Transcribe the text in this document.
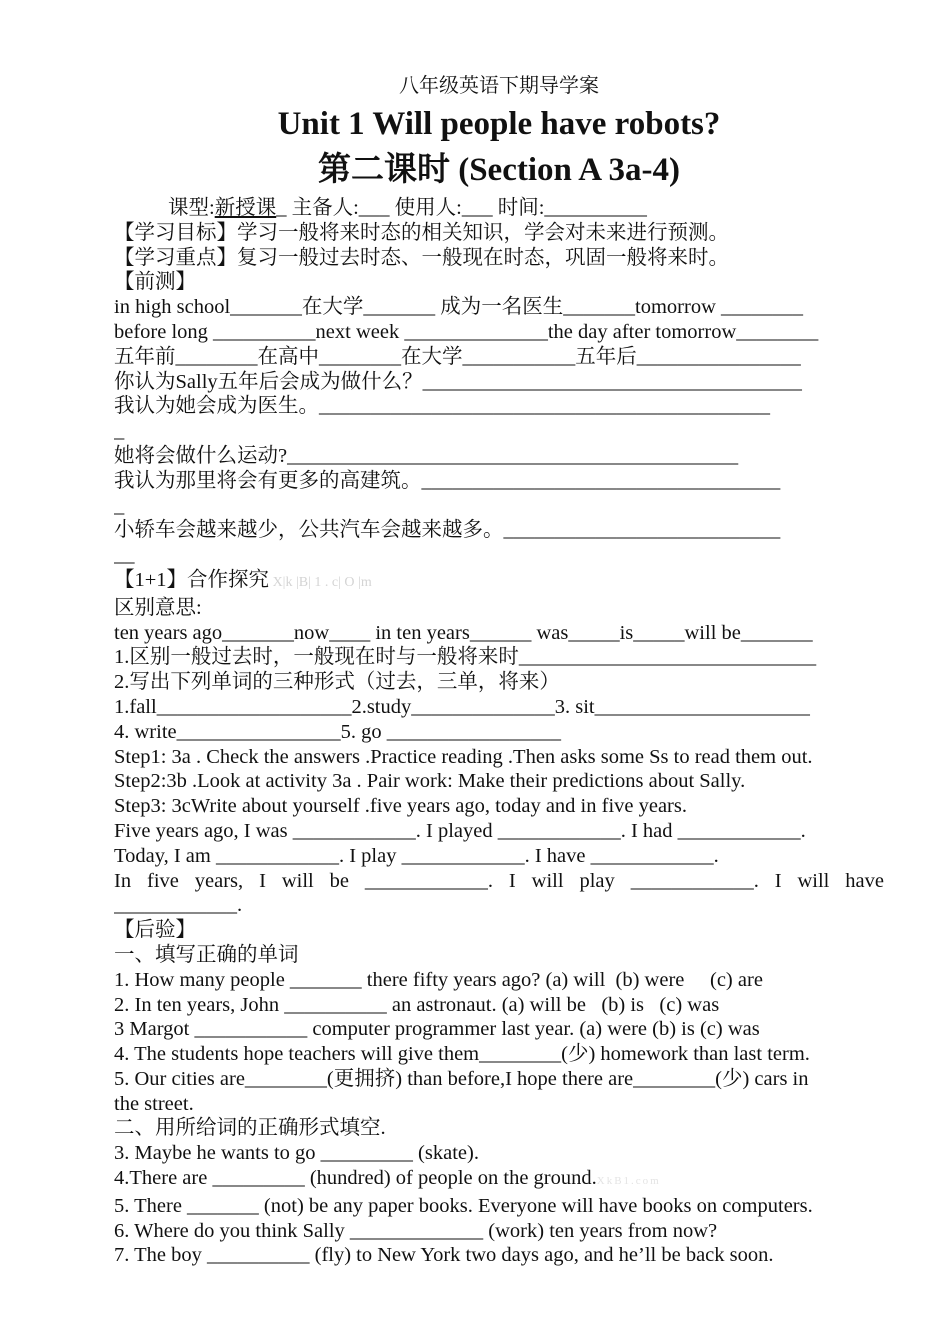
八年级英语下期导学案
Unit 1 Will people have robots?
第二课时 (Section A 3a-4)
课型:新授课_ 主备人:___ 使用人:___ 时间:__________
【学习目标】学习一般将来时态的相关知识，学会对未来进行预测。
【学习重点】复习一般过去时态、一般现在时态，巩固一般将来时。
【前测】
in high school_______在大学_______ 成为一名医生_______tomorrow ________
before long __________next week ______________the day after tomorrow________
五年前________在高中________在大学___________五年后________________
你认为Sally五年后会成为做什么？_____________________________________
我认为她会成为医生。____________________________________________
_
她将会做什么运动?____________________________________________
我认为那里将会有更多的高建筑。___________________________________
_
小轿车会越来越少，公共汽车会越来越多。___________________________
__
【1+1】合作探究 X|k |B| 1 . c| O |m
区别意思:
ten years ago_______now____ in ten years______ was_____is_____will be_______
1.区别一般过去时，一般现在时与一般将来时_____________________________
2.写出下列单词的三种形式（过去，三单，将来）
1.fall___________________2.study______________3. sit_____________________
4. write________________5. go _________________
Step1: 3a . Check the answers .Practice reading .Then asks some Ss to read them out.
Step2:3b .Look at activity 3a . Pair work: Make their predictions about Sally.
Step3: 3cWrite about yourself .five years ago, today and in five years.
Five years ago, I was ____________. I played ____________. I had ____________.
Today, I am ____________. I play ____________. I have ____________.
In five years, I will be ____________. I will play ____________. I will have
____________.
【后验】
一、填写正确的单词
1. How many people _______ there fifty years ago? (a) will  (b) were     (c) are
2. In ten years, John __________ an astronaut. (a) will be   (b) is   (c) was
3 Margot ___________ computer programmer last year. (a) were (b) is (c) was
4. The students hope teachers will give them________(少) homework than last term.
5. Our cities are________(更拥挤) than before,I hope there are________(少) cars in
the street.
二、用所给词的正确形式填空.
3. Maybe he wants to go _________ (skate).
4.There are _________ (hundred) of people on the ground.XkB1.com
5. There _______ (not) be any paper books. Everyone will have books on computers.
6. Where do you think Sally _____________ (work) ten years from now?
7. The boy __________ (fly) to New York two days ago, and he’ll be back soon.
